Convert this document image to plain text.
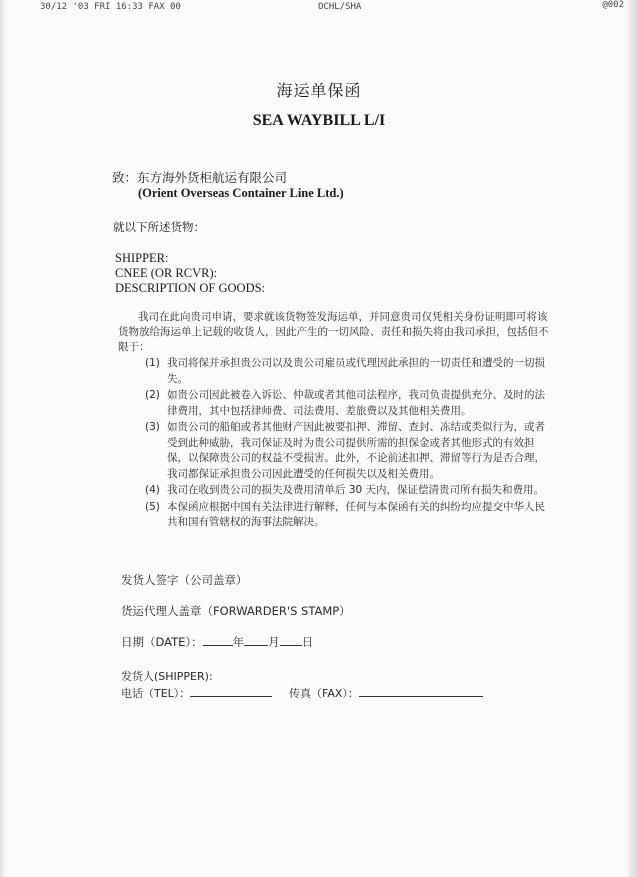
30/12 '03 FRI 16:33 FAX 00	OCHL/SHA	@002
海运单保函
SEA WAYBILL L/I
致：东方海外货柜航运有限公司
(Orient Overseas Container Line Ltd.)
就以下所述货物：
SHIPPER:
CNEE (OR RCVR):
DESCRIPTION OF GOODS:

我司在此向贵司申请，要求就该货物签发海运单，并同意贵司仅凭相关身份证明即可将该货物放给海运单上记载的收货人，因此产生的一切风险、责任和损失将由我司承担，包括但不限于：

(1) 我司将保并承担贵公司以及贵公司雇员或代理因此承担的一切责任和遭受的一切损失。
(2) 如贵公司因此被卷入诉讼、仲裁或者其他司法程序，我司负责提供充分、及时的法律费用，其中包括律师费、司法费用、差旅费以及其他相关费用。
(3) 如贵公司的船舶或者其他财产因此被要扣押、滞留、查封、冻结或类似行为，或者受到此种威胁，我司保证及时为贵公司提供所需的担保金或者其他形式的有效担保，以保障贵公司的权益不受损害。此外，不论前述扣押、滞留等行为是否合理，我司都保证承担贵公司因此遭受的任何损失以及相关费用。
(4) 我司在收到贵公司的损失及费用清单后 30 天内，保证偿清贵司所有损失和费用。
(5) 本保函应根据中国有关法律进行解释，任何与本保函有关的纠纷均应提交中华人民共和国有管辖权的海事法院解决。
发货人签字（公司盖章）
货运代理人盖章（FORWARDER'S STAMP）
日期（DATE）：	年 月 日
发货人(SHIPPER):
电话（TEL）：	传真（FAX）：
